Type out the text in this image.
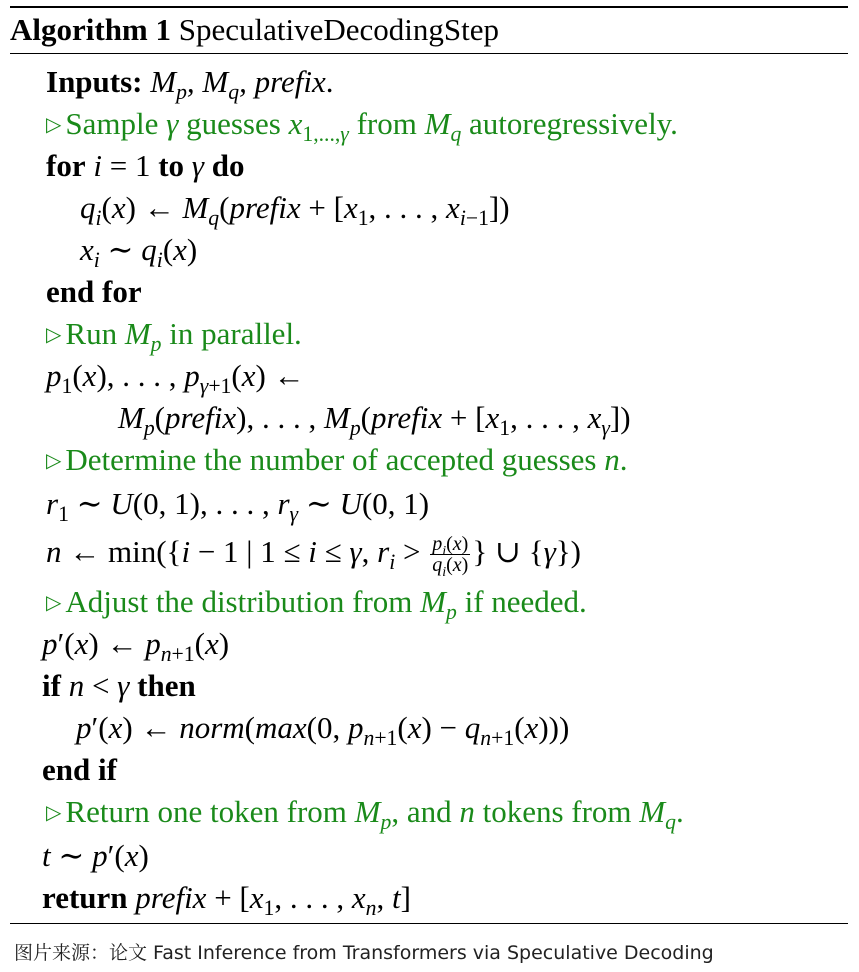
Algorithm 1 SpeculativeDecodingStep
Inputs: $M_p$, $M_q$, prefix.
▷ Sample γ guesses $x_{1,...,\gamma}$ from $M_q$ autoregressively.
for i = 1 to γ do
$q_i(x)$ ← $M_q(prefix + [x_1$, . . . , $x_{i-1}$])
$x_i$ ∼ $q_i(x)$
end for
▷ Run $M_p$ in parallel.
$p_1(x)$, . . . , $p_{\gamma+1}(x)$ ←
$M_p(prefix)$, . . . , $M_p(prefix + [x_1$, . . . , $x_\gamma$])
▷ Determine the number of accepted guesses n.
$r_1$ ∼ U(0, 1), . . . , $r_\gamma$ ∼ U(0, 1)
n ← min({i − 1 | 1 ≤ i ≤ γ, $r_i > \frac{p_i(x)}{q_i(x)}$ } ∪ {γ})
▷ Adjust the distribution from $M_p$ if needed.
p′(x) ← $p_{n+1}(x)$
if n < γ then
p′(x) ← norm(max(0, $p_{n+1}(x) - q_{n+1}(x)$))
end if
▷ Return one token from $M_p$, and n tokens from $M_q$.
t ∼ p′(x)
return prefix + [$x_1$, . . . , $x_n$, t]
图片来源：论文 Fast Inference from Transformers via Speculative Decoding
